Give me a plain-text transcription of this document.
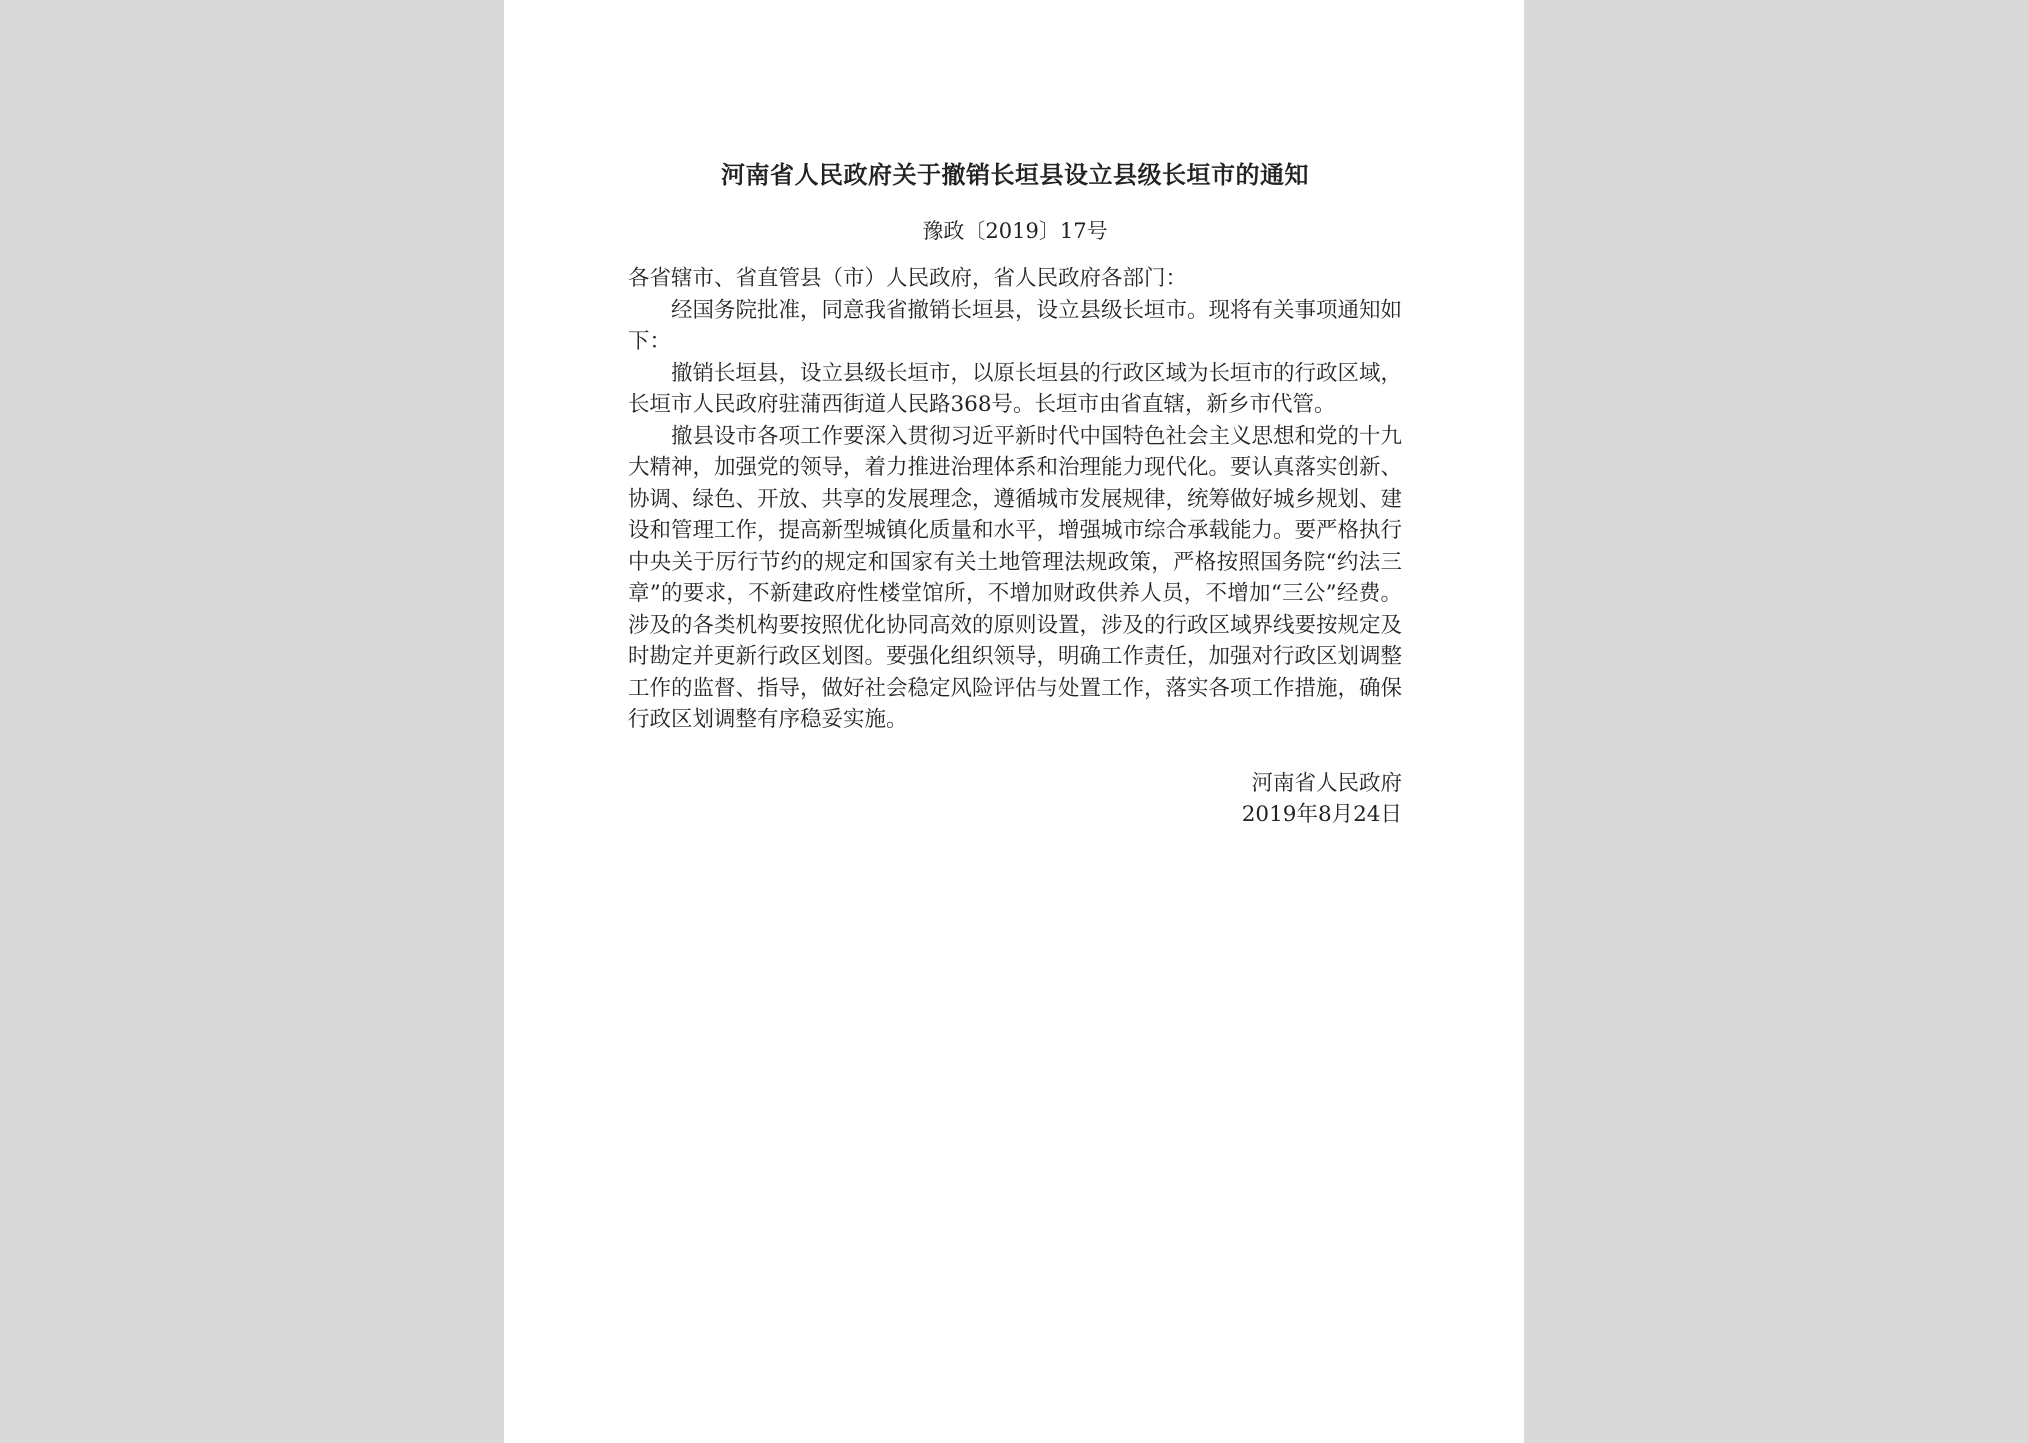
河南省人民政府关于撤销长垣县设立县级长垣市的通知
豫政〔2019〕17号

各省辖市、省直管县（市）人民政府，省人民政府各部门：

经国务院批准，同意我省撤销长垣县，设立县级长垣市。现将有关事项通知如下：

撤销长垣县，设立县级长垣市，以原长垣县的行政区域为长垣市的行政区域，长垣市人民政府驻蒲西街道人民路368号。长垣市由省直辖，新乡市代管。

撤县设市各项工作要深入贯彻习近平新时代中国特色社会主义思想和党的十九大精神，加强党的领导，着力推进治理体系和治理能力现代化。要认真落实创新、协调、绿色、开放、共享的发展理念，遵循城市发展规律，统筹做好城乡规划、建设和管理工作，提高新型城镇化质量和水平，增强城市综合承载能力。要严格执行中央关于厉行节约的规定和国家有关土地管理法规政策，严格按照国务院“约法三章”的要求，不新建政府性楼堂馆所，不增加财政供养人员，不增加“三公”经费。涉及的各类机构要按照优化协同高效的原则设置，涉及的行政区域界线要按规定及时勘定并更新行政区划图。要强化组织领导，明确工作责任，加强对行政区划调整工作的监督、指导，做好社会稳定风险评估与处置工作，落实各项工作措施，确保行政区划调整有序稳妥实施。

河南省人民政府
2019年8月24日
